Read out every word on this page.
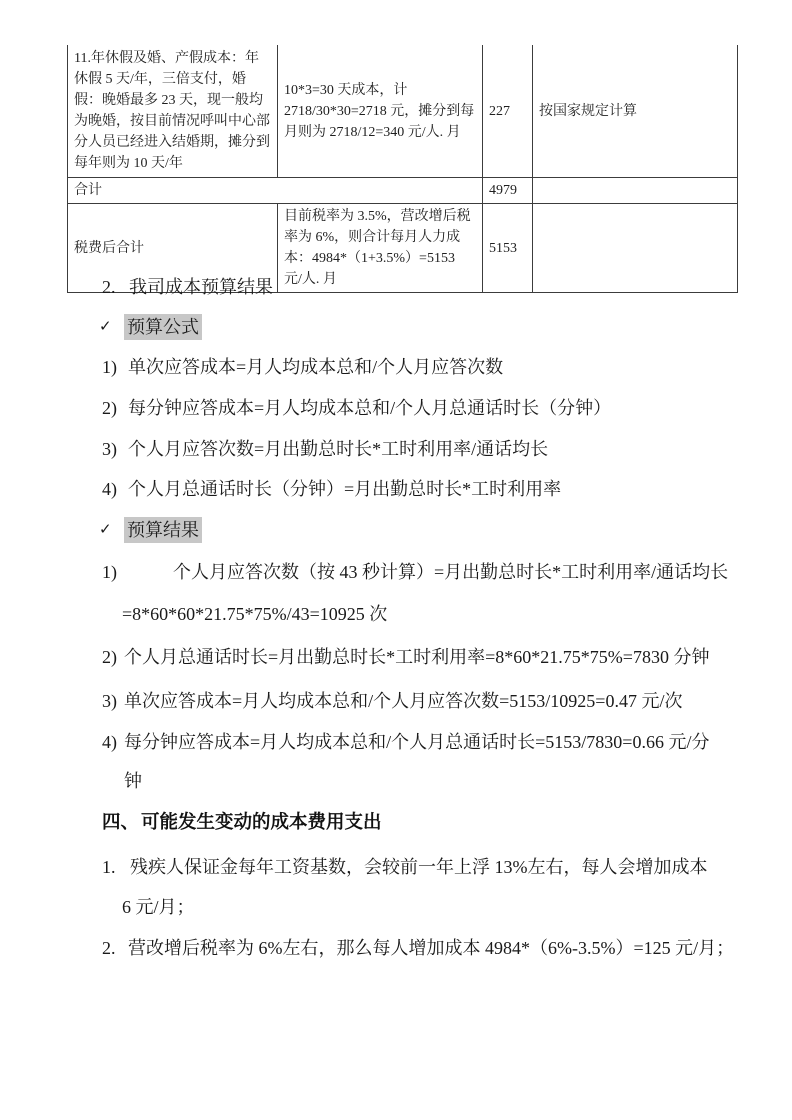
11.年休假及婚、产假成本：年休假 5 天/年，三倍支付，婚假：晚婚最多 23 天，现一般均为晚婚，按目前情况呼叫中心部分人员已经进入结婚期，摊分到每年则为 10 天/年	10*3=30 天成本，计 2718/30*30=2718 元，摊分到每月则为 2718/12=340 元/人. 月	227	按国家规定计算
合计		4979	
税费后合计	目前税率为 3.5%，营改增后税率为 6%，则合计每月人力成本：4984*（1+3.5%）=5153 元/人. 月	5153	
2. 我司成本预算结果
✓ 预算公式
1) 单次应答成本=月人均成本总和/个人月应答次数
2) 每分钟应答成本=月人均成本总和/个人月总通话时长（分钟）
3) 个人月应答次数=月出勤总时长*工时利用率/通话均长
4) 个人月总通话时长（分钟）=月出勤总时长*工时利用率
✓ 预算结果
1)	个人月应答次数（按 43 秒计算）=月出勤总时长*工时利用率/通话均长
=8*60*60*21.75*75%/43=10925 次
2) 个人月总通话时长=月出勤总时长*工时利用率=8*60*21.75*75%=7830 分钟
3) 单次应答成本=月人均成本总和/个人月应答次数=5153/10925=0.47 元/次
4) 每分钟应答成本=月人均成本总和/个人月总通话时长=5153/7830=0.66 元/分
钟
四、 可能发生变动的成本费用支出
1. 残疾人保证金每年工资基数，会较前一年上浮 13%左右，每人会增加成本
6 元/月；
2. 营改增后税率为 6%左右，那么每人增加成本 4984*（6%-3.5%）=125 元/月；
